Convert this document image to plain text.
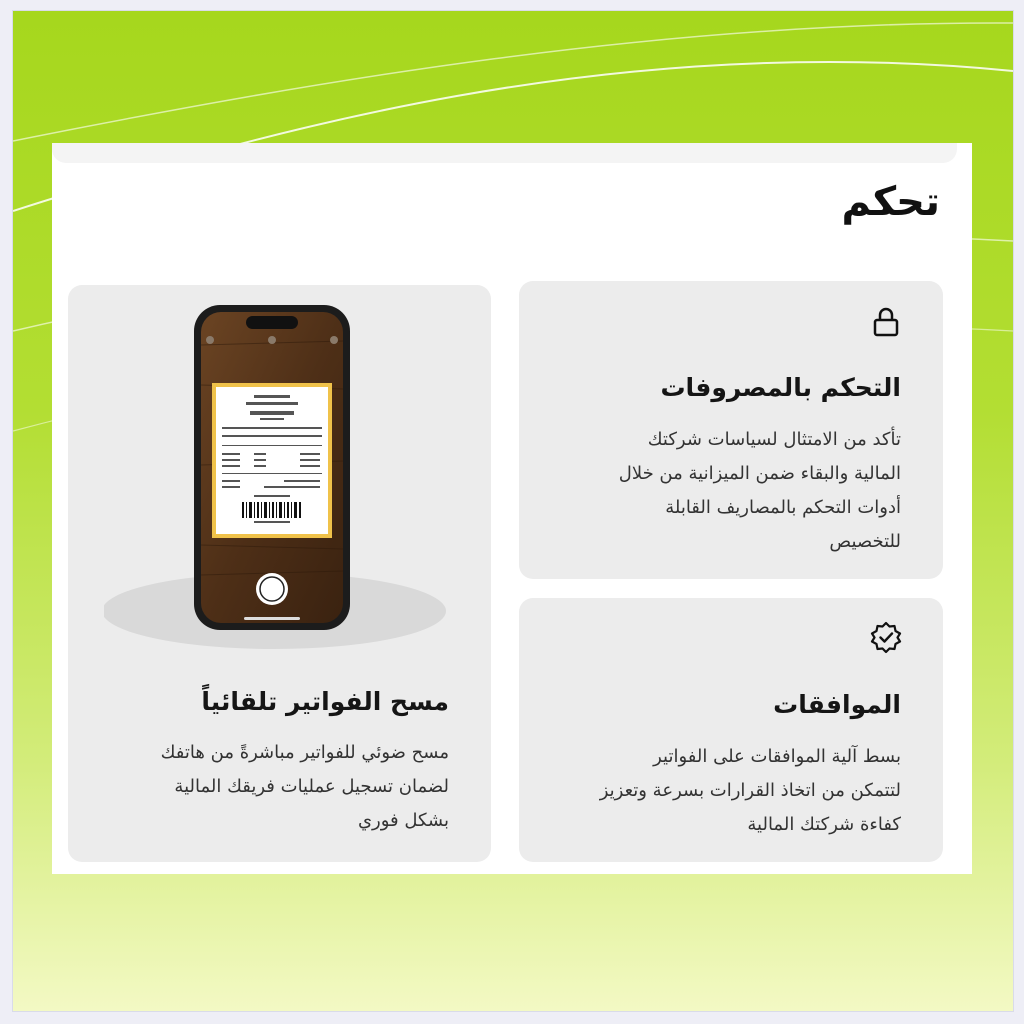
تحكم
التحكم بالمصروفات
تأكد من الامتثال لسياسات شركتك
المالية والبقاء ضمن الميزانية من خلال
أدوات التحكم بالمصاريف القابلة
للتخصيص
الموافقات
بسط آلية الموافقات على الفواتير
لتتمكن من اتخاذ القرارات بسرعة وتعزيز
كفاءة شركتك المالية
مسح الفواتير تلقائياً
مسح ضوئي للفواتير مباشرةً من هاتفك
لضمان تسجيل عمليات فريقك المالية
بشكل فوري
